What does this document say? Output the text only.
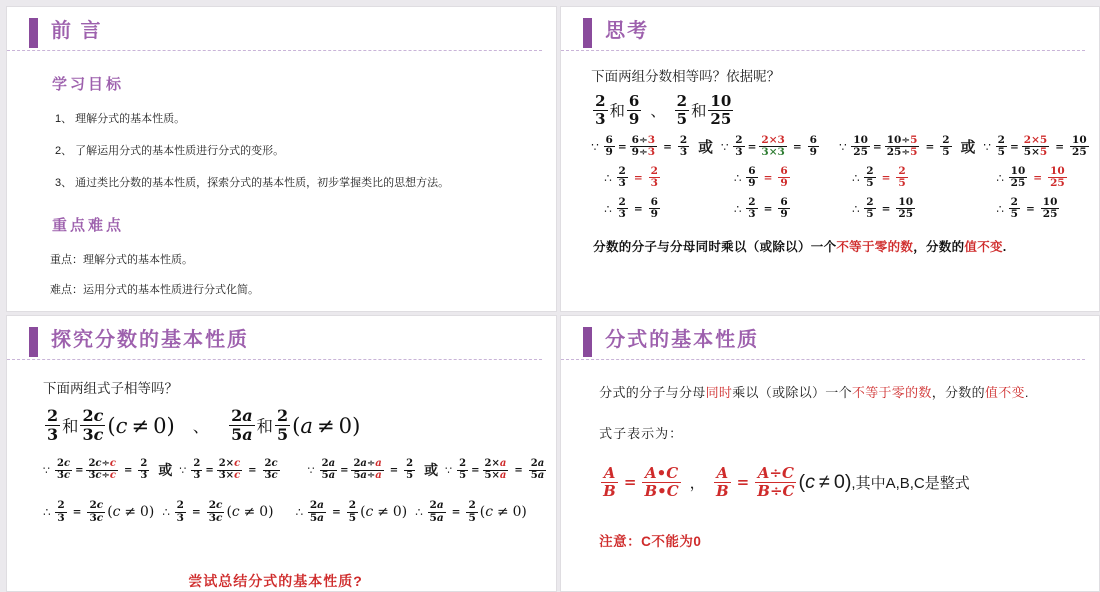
前 言
学习目标

1、 理解分式的基本性质。

2、 了解运用分式的基本性质进行分式的变形。

3、 通过类比分数的基本性质，探索分式的基本性质，初步掌握类比的思想方法。

重点难点

重点：理解分式的基本性质。

难点：运用分式的基本性质进行分式化简。

思考

下面两组分数相等吗？依据呢？

2
3 和
6
9 、
2
5 和
10
25
∵ $\frac{6}{9} = \frac{6\div 3}{9\div 3} = \frac{2}{3}$ 或
∴ $\frac{2}{3} = \frac{2}{3}$
∴ $\frac{2}{3} = \frac{6}{9}$
∵ $\frac{2}{3} = \frac{2\times 3}{3\times 3} = \frac{6}{9}$
∴ $\frac{6}{9} = \frac{6}{9}$
∴ $\frac{2}{3} = \frac{6}{9}$
∵ $\frac{10}{25} = \frac{10\div 5}{25\div 5} = \frac{2}{5}$ 或
∴ $\frac{2}{5} = \frac{2}{5}$
∴ $\frac{2}{5} = \frac{10}{25}$
∵ $\frac{2}{5} = \frac{2\times 5}{5\times 5} = \frac{10}{25}$
∴ $\frac{10}{25} = \frac{10}{25}$
∴ $\frac{2}{5} = \frac{10}{25}$

分数的分子与分母同时乘以（或除以）一个不等于零的数，分数的值不变.

探究分数的基本性质

下面两组式子相等吗？

2
3 和
2c
3c ( c ≠ 0) 、
2a
5a 和
2
5 ( a ≠ 0)
∵ $\frac{2c}{3c} = \frac{2c\div c}{3c\div c} = \frac{2}{3}$ 或 ∵ $\frac{2}{3} = \frac{2\times c}{3\times c} = \frac{2c}{3c}$	∵ $\frac{2a}{5a} = \frac{2a\div a}{5a\div a} = \frac{2}{5}$ 或 ∵ $\frac{2}{5} = \frac{2\times a}{5\times a} = \frac{2a}{5a}$
∴ $\frac{2}{3} = \frac{2c}{3c}$ ( c ≠ 0) ∴ $\frac{2}{3} = \frac{2c}{3c}$ ( c ≠ 0) ∴ $\frac{2a}{5a} = \frac{2}{5}$ ( c ≠ 0) ∴ $\frac{2a}{5a} = \frac{2}{5}$ ( c ≠ 0)

尝试总结分式的基本性质?

分式的基本性质

分式的分子与分母同时乘以（或除以）一个不等于零的数，分数的值不变.

式子表示为：

$\frac{A}{B} = \frac{A•C}{B•C}$ ， $\frac{A}{B} = \frac{A\div C}{B\div C}$ ( c ≠ 0) ,其中A,B,C是整式

注意：C不能为0
